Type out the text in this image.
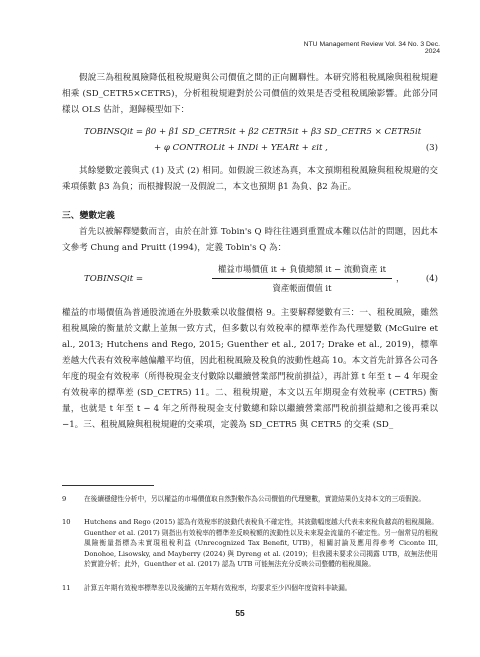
NTU Management Review Vol. 34 No. 3 Dec. 2024

假說三為租稅風險降低租稅規避與公司價值之間的正向關聯性。本研究將租稅風險與租稅規避相乘 (SD_CETR5×CETR5)，分析租稅規避對於公司價值的效果是否受租稅風險影響。此部分同樣以 OLS 估計，迴歸模型如下：

TOBINSQit = β0 + β1 SD_CETR5it + β2 CETR5it + β3 SD_CETR5 × CETR5it
+ φ CONTROLit + INDi + YEARt + εit ,	(3)

其餘變數定義與式 (1) 及式 (2) 相同。如假說三敘述為真，本文預期租稅風險與租稅規避的交乘項係數 β3 為負；而根據假說一及假說二，本文也預期 β1 為負、β2 為正。

三、變數定義

首先以被解釋變數而言，由於在計算 Tobin's Q 時往往遇到重置成本難以估計的問題，因此本文參考 Chung and Pruitt (1994)，定義 Tobin's Q 為：

TOBINSQit =
權益市場價值 it + 負債總額 it − 流動資產 it
資產帳面價值 it
， (4)

權益的市場價值為普通股流通在外股數乘以收盤價格 9。主要解釋變數有三：一、租稅風險，雖然租稅風險的衡量於文獻上並無一致方式，但多數以有效稅率的標準差作為代理變數 (McGuire et al., 2013; Hutchens and Rego, 2015; Guenther et al., 2017; Drake et al., 2019)，標準差越大代表有效稅率越偏離平均值，因此租稅風險及稅負的波動性越高 10。本文首先計算各公司各年度的現金有效稅率（所得稅現金支付數除以繼續營業部門稅前損益），再計算 t 年至 t − 4 年現金有效稅率的標準差 (SD_CETR5) 11。二、租稅規避，本文以五年期現金有效稅率 (CETR5) 衡量，也就是 t 年至 t − 4 年之所得稅現金支付數總和除以繼續營業部門稅前損益總和之後再乘以 −1。三、租稅風險與租稅規避的交乘項，定義為 SD_CETR5 與 CETR5 的交乘 (SD_

9	在後續穩健性分析中，另以權益的市場價值取自然對數作為公司價值的代理變數，實證結果仍支持本文的三項假說。

10 Hutchens and Rego (2015) 認為有效稅率的波動代表稅負不確定性，其波動幅度越大代表未來稅負越高的租稅風險。Guenther et al. (2017) 則指出有效稅率的標準差反映稅額的波動性以及未來現金流量的不確定性。另一個常見的租稅風險衡量指標為未實現租稅利益 (Unrecognized Tax Benefit, UTB)，相關討論及應用得參考 Ciconte III, Donohoe, Lisowsky, and Mayberry (2024) 與 Dyreng et al. (2019)；但我國未要求公司揭露 UTB，故無法使用於實證分析；此外，Guenther et al. (2017) 認為 UTB 可能無法充分反映公司整體的租稅風險。

11 計算五年期有效稅率標準差以及後續的五年期有效稅率，均要求至少四個年度資料非缺漏。

55
